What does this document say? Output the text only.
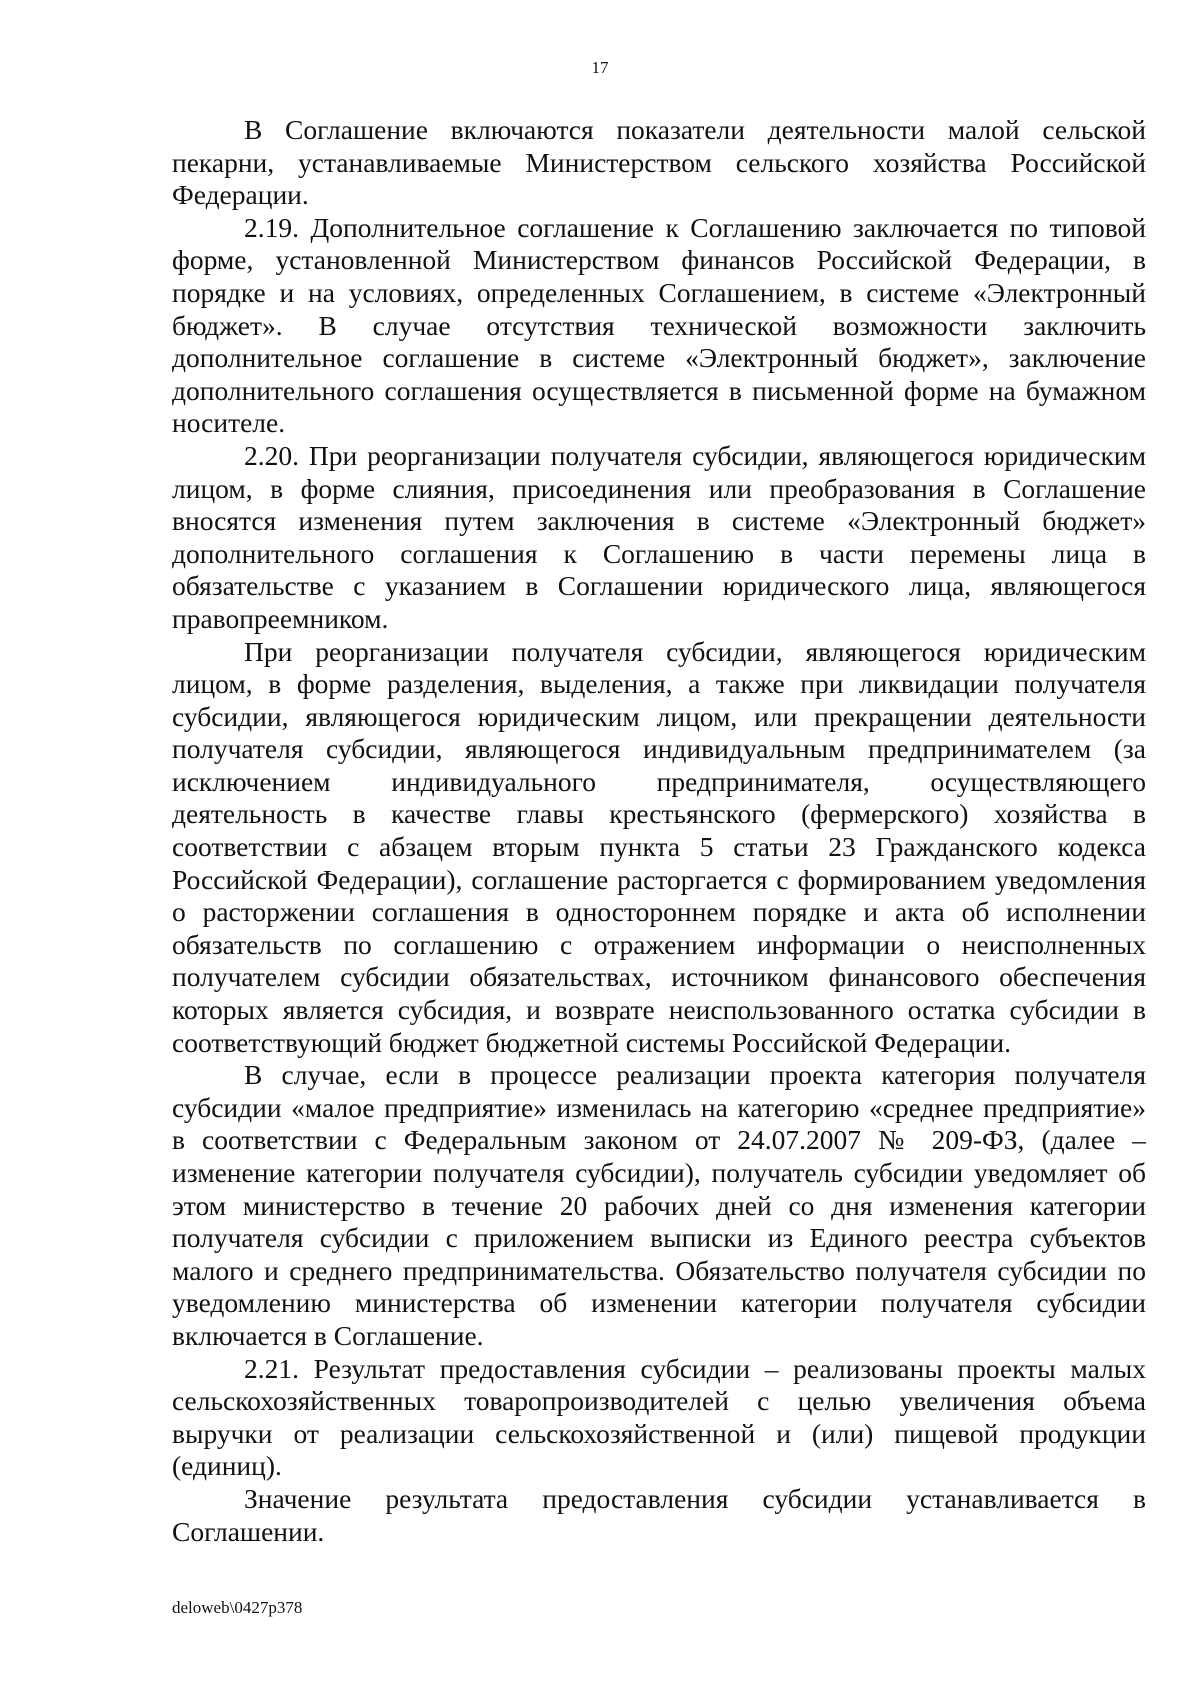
17

В Соглашение включаются показатели деятельности малой сельской пекарни, устанавливаемые Министерством сельского хозяйства Российской Федерации.

2.19. Дополнительное соглашение к Соглашению заключается по типовой форме, установленной Министерством финансов Российской Федерации, в порядке и на условиях, определенных Соглашением, в системе «Электронный бюджет». В случае отсутствия технической возможности заключить дополнительное соглашение в системе «Электронный бюджет», заключение дополнительного соглашения осуществляется в письменной форме на бумажном носителе.

2.20. При реорганизации получателя субсидии, являющегося юридическим лицом, в форме слияния, присоединения или преобразования в Соглашение вносятся изменения путем заключения в системе «Электронный бюджет» дополнительного соглашения к Соглашению в части перемены лица в обязательстве с указанием в Соглашении юридического лица, являющегося правопреемником.

При реорганизации получателя субсидии, являющегося юридическим лицом, в форме разделения, выделения, а также при ликвидации получателя субсидии, являющегося юридическим лицом, или прекращении деятельности получателя субсидии, являющегося индивидуальным предпринимателем (за исключением индивидуального предпринимателя, осуществляющего деятельность в качестве главы крестьянского (фермерского) хозяйства в соответствии с абзацем вторым пункта 5 статьи 23 Гражданского кодекса Российской Федерации), соглашение расторгается с формированием уведомления о расторжении соглашения в одностороннем порядке и акта об исполнении обязательств по соглашению с отражением информации о неисполненных получателем субсидии обязательствах, источником финансового обеспечения которых является субсидия, и возврате неиспользованного остатка субсидии в соответствующий бюджет бюджетной системы Российской Федерации.

В случае, если в процессе реализации проекта категория получателя субсидии «малое предприятие» изменилась на категорию «среднее предприятие» в соответствии с Федеральным законом от 24.07.2007 № 209-ФЗ, (далее – изменение категории получателя субсидии), получатель субсидии уведомляет об этом министерство в течение 20 рабочих дней со дня изменения категории получателя субсидии с приложением выписки из Единого реестра субъектов малого и среднего предпринимательства. Обязательство получателя субсидии по уведомлению министерства об изменении категории получателя субсидии включается в Соглашение.

2.21. Результат предоставления субсидии – реализованы проекты малых сельскохозяйственных товаропроизводителей с целью увеличения объема выручки от реализации сельскохозяйственной и (или) пищевой продукции (единиц).

Значение результата предоставления субсидии устанавливается в Соглашении.

deloweb\0427p378
